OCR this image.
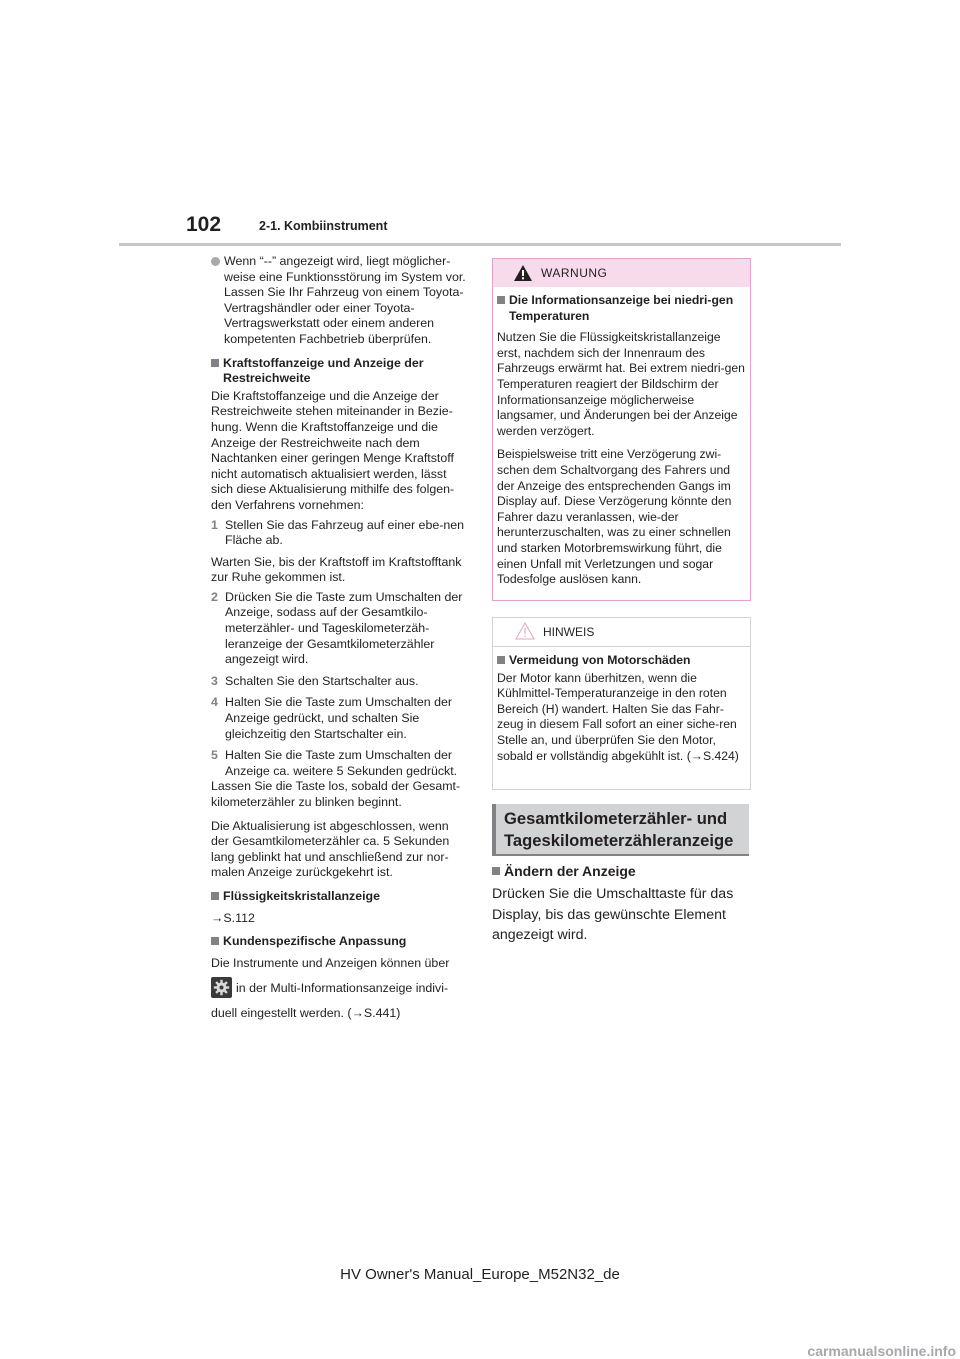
102	2-1. Kombiinstrument
Wenn “--” angezeigt wird, liegt möglicher-weise eine Funktionsstörung im System vor. Lassen Sie Ihr Fahrzeug von einem Toyota-Vertragshändler oder einer Toyota-Vertragswerkstatt oder einem anderen kompetenten Fachbetrieb überprüfen.
Kraftstoffanzeige und Anzeige der Restreichweite

Die Kraftstoffanzeige und die Anzeige der Restreichweite stehen miteinander in Bezie-hung. Wenn die Kraftstoffanzeige und die Anzeige der Restreichweite nach dem Nachtanken einer geringen Menge Kraftstoff nicht automatisch aktualisiert werden, lässt sich diese Aktualisierung mithilfe des folgen-den Verfahrens vornehmen:

1 Stellen Sie das Fahrzeug auf einer ebe-nen Fläche ab.

Warten Sie, bis der Kraftstoff im Kraftstofftank zur Ruhe gekommen ist.

2 Drücken Sie die Taste zum Umschalten der Anzeige, sodass auf der Gesamtkilo-meterzähler- und Tageskilometerzäh-leranzeige der Gesamtkilometerzähler angezeigt wird.
3 Schalten Sie den Startschalter aus.
4 Halten Sie die Taste zum Umschalten der Anzeige gedrückt, und schalten Sie gleichzeitig den Startschalter ein.
5 Halten Sie die Taste zum Umschalten der Anzeige ca. weitere 5 Sekunden gedrückt.

Lassen Sie die Taste los, sobald der Gesamt-kilometerzähler zu blinken beginnt.

Die Aktualisierung ist abgeschlossen, wenn der Gesamtkilometerzähler ca. 5 Sekunden lang geblinkt hat und anschließend zur nor-malen Anzeige zurückgekehrt ist.

Flüssigkeitskristallanzeige

→S.112

Kundenspezifische Anpassung

Die Instrumente und Anzeigen können über

in der Multi-Informationsanzeige indivi-

duell eingestellt werden. (→S.441)

WARNUNG
Die Informationsanzeige bei niedri-gen Temperaturen

Nutzen Sie die Flüssigkeitskristallanzeige erst, nachdem sich der Innenraum des Fahrzeugs erwärmt hat. Bei extrem niedri-gen Temperaturen reagiert der Bildschirm der Informationsanzeige möglicherweise langsamer, und Änderungen bei der Anzeige werden verzögert.

Beispielsweise tritt eine Verzögerung zwi-schen dem Schaltvorgang des Fahrers und der Anzeige des entsprechenden Gangs im Display auf. Diese Verzögerung könnte den Fahrer dazu veranlassen, wie-der herunterzuschalten, was zu einer schnellen und starken Motorbremswirkung führt, die einen Unfall mit Verletzungen und sogar Todesfolge auslösen kann.

HINWEIS
Vermeidung von Motorschäden

Der Motor kann überhitzen, wenn die Kühlmittel-Temperaturanzeige in den roten Bereich (H) wandert. Halten Sie das Fahr-zeug in diesem Fall sofort an einer siche-ren Stelle an, und überprüfen Sie den Motor, sobald er vollständig abgekühlt ist. (→S.424)

Gesamtkilometerzähler- und Tageskilometerzähleranzeige
Ändern der Anzeige
Drücken Sie die Umschalttaste für das Display, bis das gewünschte Element angezeigt wird.
HV Owner's Manual_Europe_M52N32_de
carmanualsonline.info
